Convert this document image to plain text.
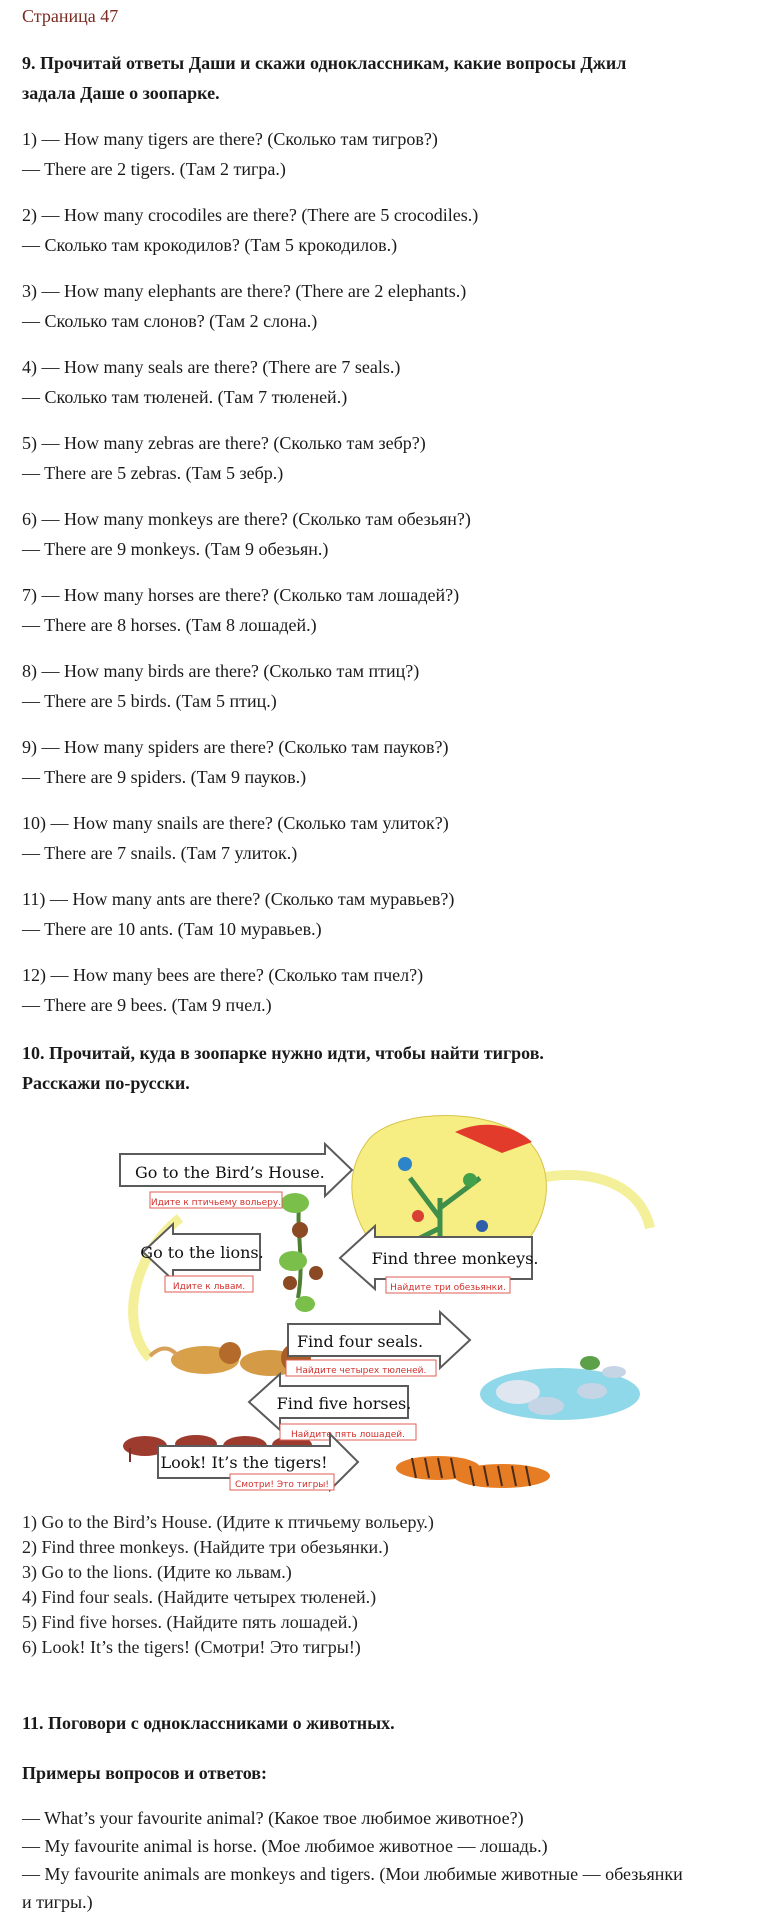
Страница 47
9. Прочитай ответы Даши и скажи одноклассникам, какие вопросы Джил
задала Даше о зоопарке.
1) — How many tigers are there? (Сколько там тигров?)
— There are 2 tigers. (Там 2 тигра.)
2) — How many crocodiles are there? (There are 5 crocodiles.)
— Сколько там крокодилов? (Там 5 крокодилов.)
3) — How many elephants are there? (There are 2 elephants.)
— Сколько там слонов? (Там 2 слона.)
4) — How many seals are there? (There are 7 seals.)
— Сколько там тюленей. (Там 7 тюленей.)
5) — How many zebras are there? (Сколько там зебр?)
— There are 5 zebras. (Там 5 зебр.)
6) — How many monkeys are there? (Сколько там обезьян?)
— There are 9 monkeys. (Там 9 обезьян.)
7) — How many horses are there? (Сколько там лошадей?)
— There are 8 horses. (Там 8 лошадей.)
8) — How many birds are there? (Сколько там птиц?)
— There are 5 birds. (Там 5 птиц.)
9) — How many spiders are there? (Сколько там пауков?)
— There are 9 spiders. (Там 9 пауков.)
10) — How many snails are there? (Сколько там улиток?)
— There are 7 snails. (Там 7 улиток.)
11) — How many ants are there? (Сколько там муравьев?)
— There are 10 ants. (Там 10 муравьев.)
12) — How many bees are there? (Сколько там пчел?)
— There are 9 bees. (Там 9 пчел.)
10. Прочитай, куда в зоопарке нужно идти, чтобы найти тигров.
Расскажи по-русски.
Go to the Bird’s House.
Идите к птичьему вольеру.
Go to the lions.
Идите к львам.
Find three monkeys.
Найдите три обезьянки.
Find four seals.
Найдите четырех тюленей.
Find five horses.
Найдите пять лошадей.
Look! It’s the tigers!
Смотри! Это тигры!
1) Go to the Bird’s House. (Идите к птичьему вольеру.)
2) Find three monkeys. (Найдите три обезьянки.)
3) Go to the lions. (Идите ко львам.)
4) Find four seals. (Найдите четырех тюленей.)
5) Find five horses. (Найдите пять лошадей.)
6) Look! It’s the tigers! (Смотри! Это тигры!)
11. Поговори с одноклассниками о животных.
Примеры вопросов и ответов:
— What’s your favourite animal? (Какое твое любимое животное?)
— My favourite animal is horse. (Мое любимое животное — лошадь.)
— My favourite animals are monkeys and tigers. (Мои любимые животные — обезьянки
и тигры.)
